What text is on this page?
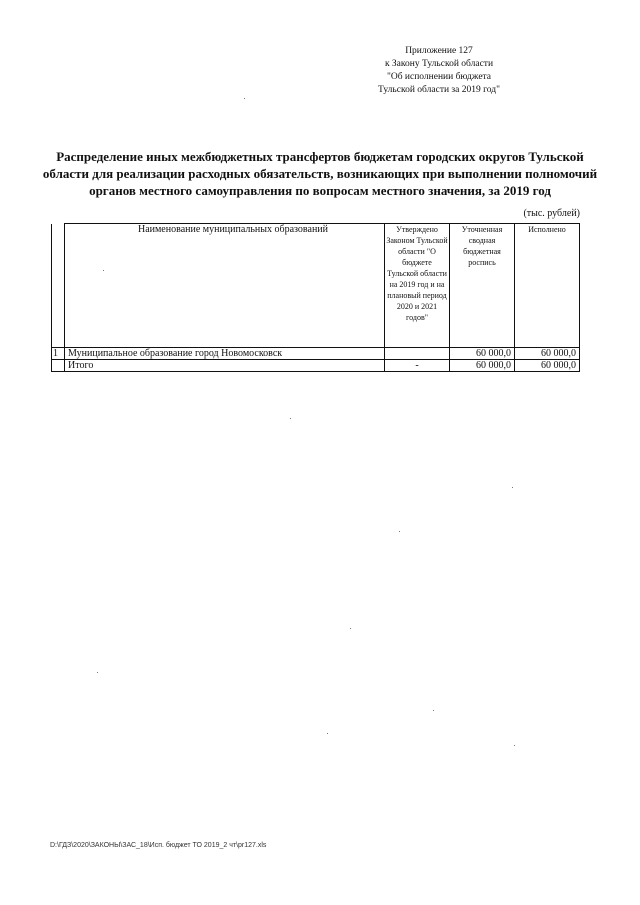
Приложение 127
к Закону Тульской области
"Об исполнении бюджета
Тульской области за 2019 год"
Распределение иных межбюджетных трансфертов бюджетам городских округов Тульской области для реализации расходных обязательств, возникающих при выполнении полномочий органов местного самоуправления по вопросам местного значения, за 2019 год
(тыс. рублей)
	Наименование муниципальных образований	Утверждено Законом Тульской области "О бюджете Тульской области на 2019 год и на плановый период 2020 и 2021 годов"	Уточненная сводная бюджетная роспись	Исполнено
1	Муниципальное образование город Новомосковск		60 000,0	60 000,0
	Итого	-	60 000,0	60 000,0
D:\ГДЗ\2020\ЗАКОНЫ\ЗАС_18\Исп. бюджет ТО 2019_2 чт\pr127.xls
